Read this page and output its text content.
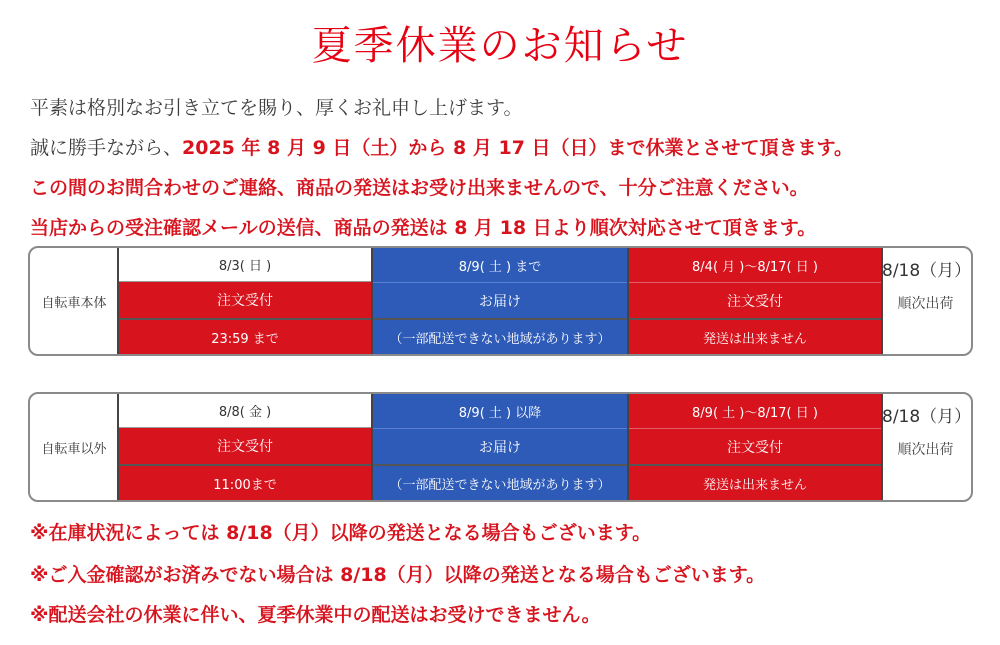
夏季休業のお知らせ
平素は格別なお引き立てを賜り、厚くお礼申し上げます。
誠に勝手ながら、2025 年 8 月 9 日（土）から 8 月 17 日（日）まで休業とさせて頂きます。
この間のお問合わせのご連絡、商品の発送はお受け出来ませんので、十分ご注意ください。
当店からの受注確認メールの送信、商品の発送は 8 月 18 日より順次対応させて頂きます。
自転車本体
8/3( 日 )
注文受付
23:59 まで
8/9( 土 ) まで
お届け
（一部配送できない地域があります）
8/4( 月 )～8/17( 日 )
注文受付
発送は出来ません
8/18（月）
順次出荷
自転車以外
8/8( 金 )
注文受付
11:00まで
8/9( 土 ) 以降
お届け
（一部配送できない地域があります）
8/9( 土 )～8/17( 日 )
注文受付
発送は出来ません
8/18（月）
順次出荷
※在庫状況によっては 8/18（月）以降の発送となる場合もございます。
※ご入金確認がお済みでない場合は 8/18（月）以降の発送となる場合もございます。
※配送会社の休業に伴い、夏季休業中の配送はお受けできません。
